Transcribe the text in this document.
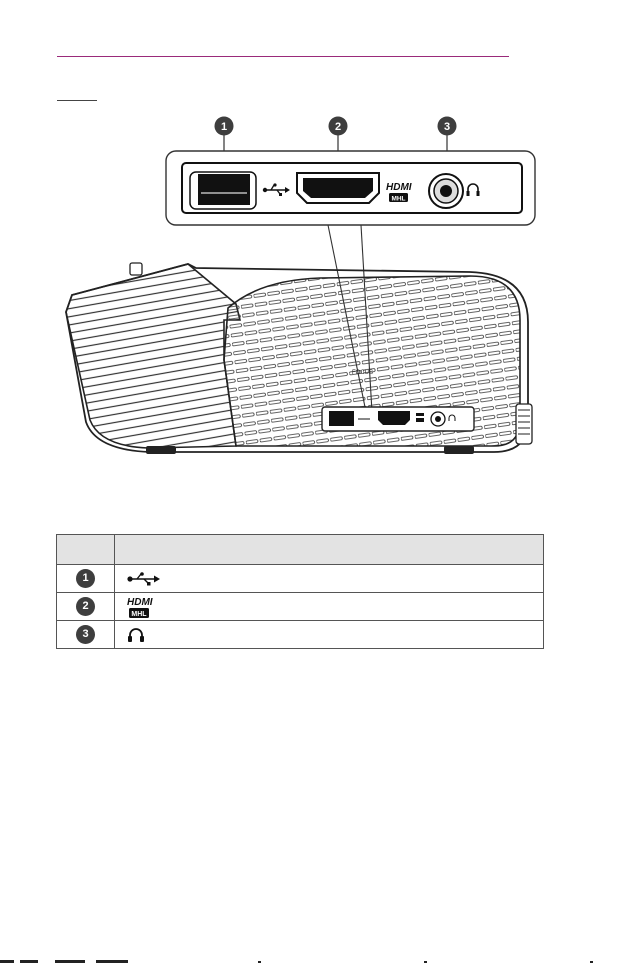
1	2	3
HDMI
MHL
FOCUS

1	
2	HDMI
MHL

3	
